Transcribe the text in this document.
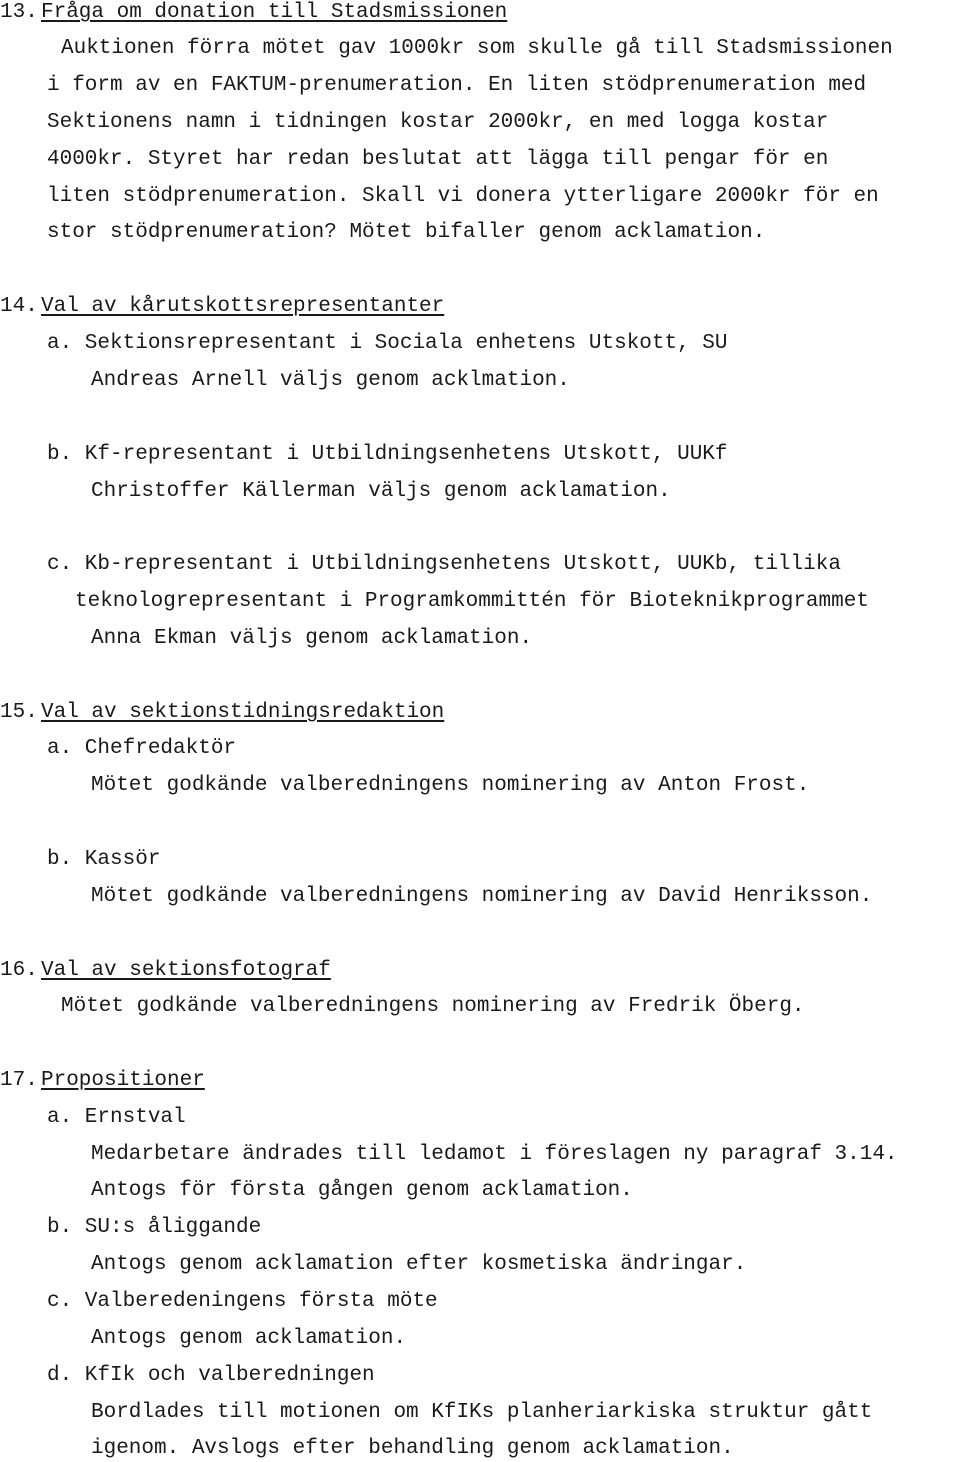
13. Fråga om donation till Stadsmissionen
Auktionen förra mötet gav 1000kr som skulle gå till Stadsmissionen
i form av en FAKTUM-prenumeration. En liten stödprenumeration med
Sektionens namn i tidningen kostar 2000kr, en med logga kostar
4000kr. Styret har redan beslutat att lägga till pengar för en
liten stödprenumeration. Skall vi donera ytterligare 2000kr för en
stor stödprenumeration? Mötet bifaller genom acklamation.
14. Val av kårutskottsrepresentanter
a. Sektionsrepresentant i Sociala enhetens Utskott, SU
Andreas Arnell väljs genom acklmation.
b. Kf-representant i Utbildningsenhetens Utskott, UUKf
Christoffer Källerman väljs genom acklamation.
c. Kb-representant i Utbildningsenhetens Utskott, UUKb, tillika
teknologrepresentant i Programkommittén för Bioteknikprogrammet
Anna Ekman väljs genom acklamation.
15. Val av sektionstidningsredaktion
a. Chefredaktör
Mötet godkände valberedningens nominering av Anton Frost.
b. Kassör
Mötet godkände valberedningens nominering av David Henriksson.
16. Val av sektionsfotograf
Mötet godkände valberedningens nominering av Fredrik Öberg.
17. Propositioner
a. Ernstval
Medarbetare ändrades till ledamot i föreslagen ny paragraf 3.14.
Antogs för första gången genom acklamation.
b. SU:s åliggande
Antogs genom acklamation efter kosmetiska ändringar.
c. Valberedeningens första möte
Antogs genom acklamation.
d. KfIk och valberedningen
Bordlades till motionen om KfIKs planheriarkiska struktur gått
igenom. Avslogs efter behandling genom acklamation.
